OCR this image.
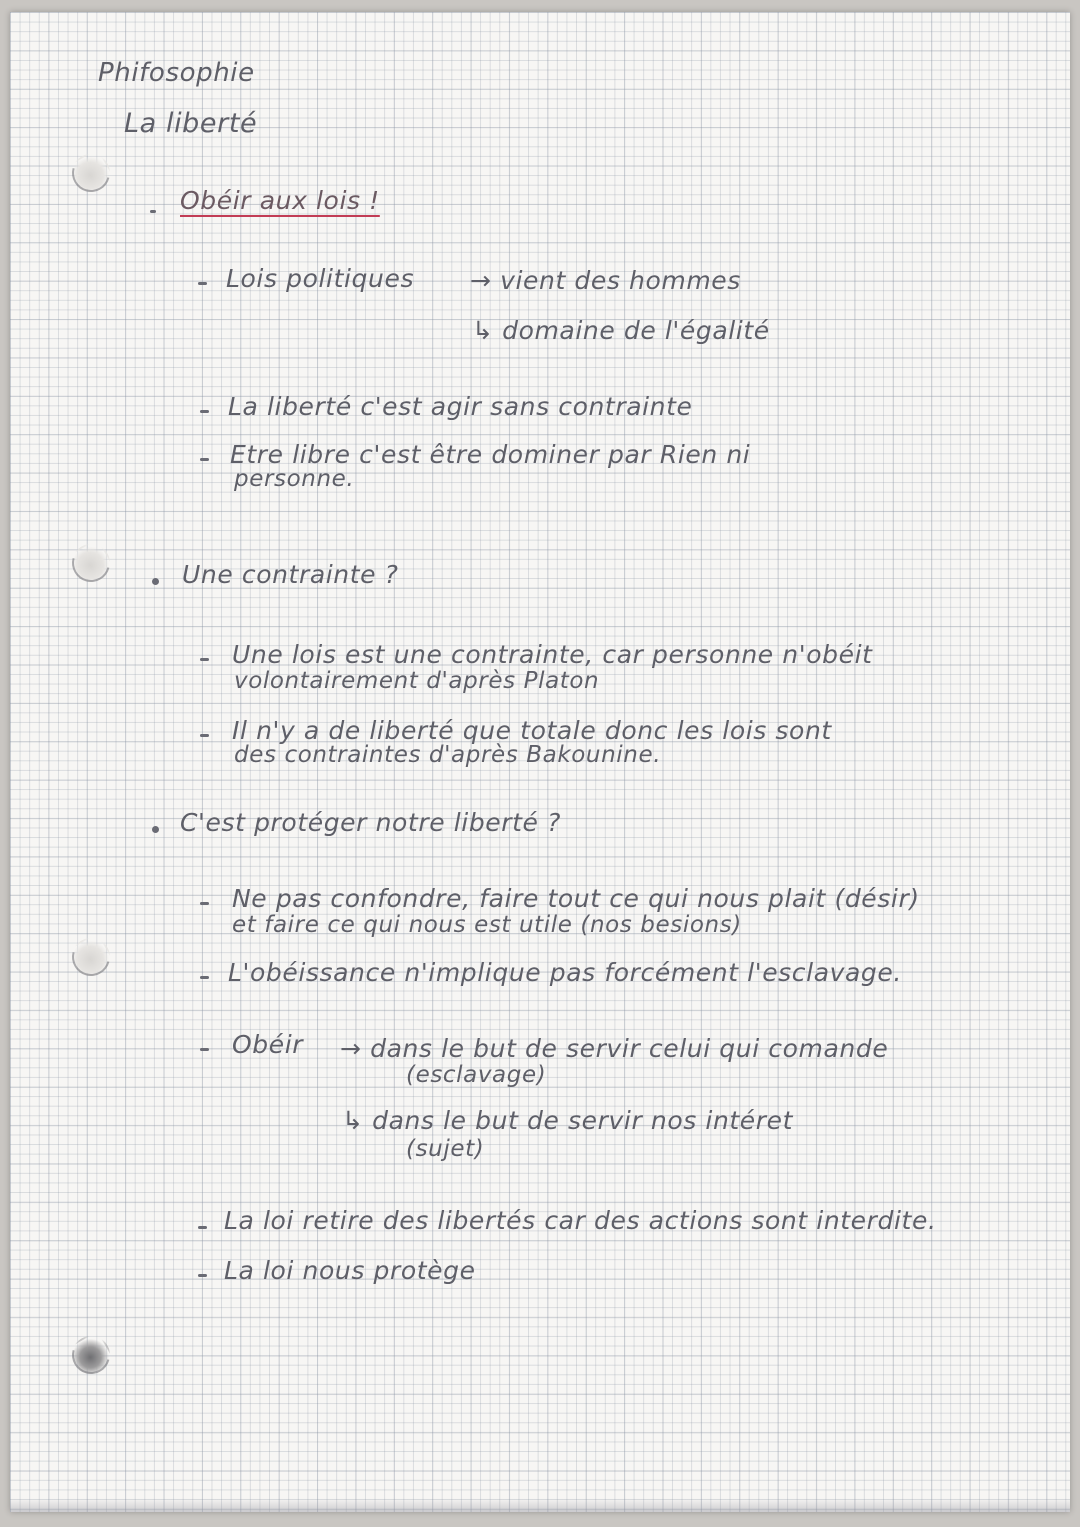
Phifosophie
La liberté
Obéir aux lois !
Lois politiques → vient des hommes
↳ domaine de l'égalité
La liberté c'est agir sans contrainte
Etre libre c'est être dominer par Rien ni
personne.
Une contrainte ?
Une lois est une contrainte, car personne n'obéit
volontairement d'après Platon
Il n'y a de liberté que totale donc les lois sont
des contraintes d'après Bakounine.
C'est protéger notre liberté ?
Ne pas confondre, faire tout ce qui nous plait (désir)
et faire ce qui nous est utile (nos besions)
L'obéissance n'implique pas forcément l'esclavage.
Obéir → dans le but de servir celui qui comande
(esclavage)
↳ dans le but de servir nos intéret
(sujet)
La loi retire des libertés car des actions sont interdite.
La loi nous protège
